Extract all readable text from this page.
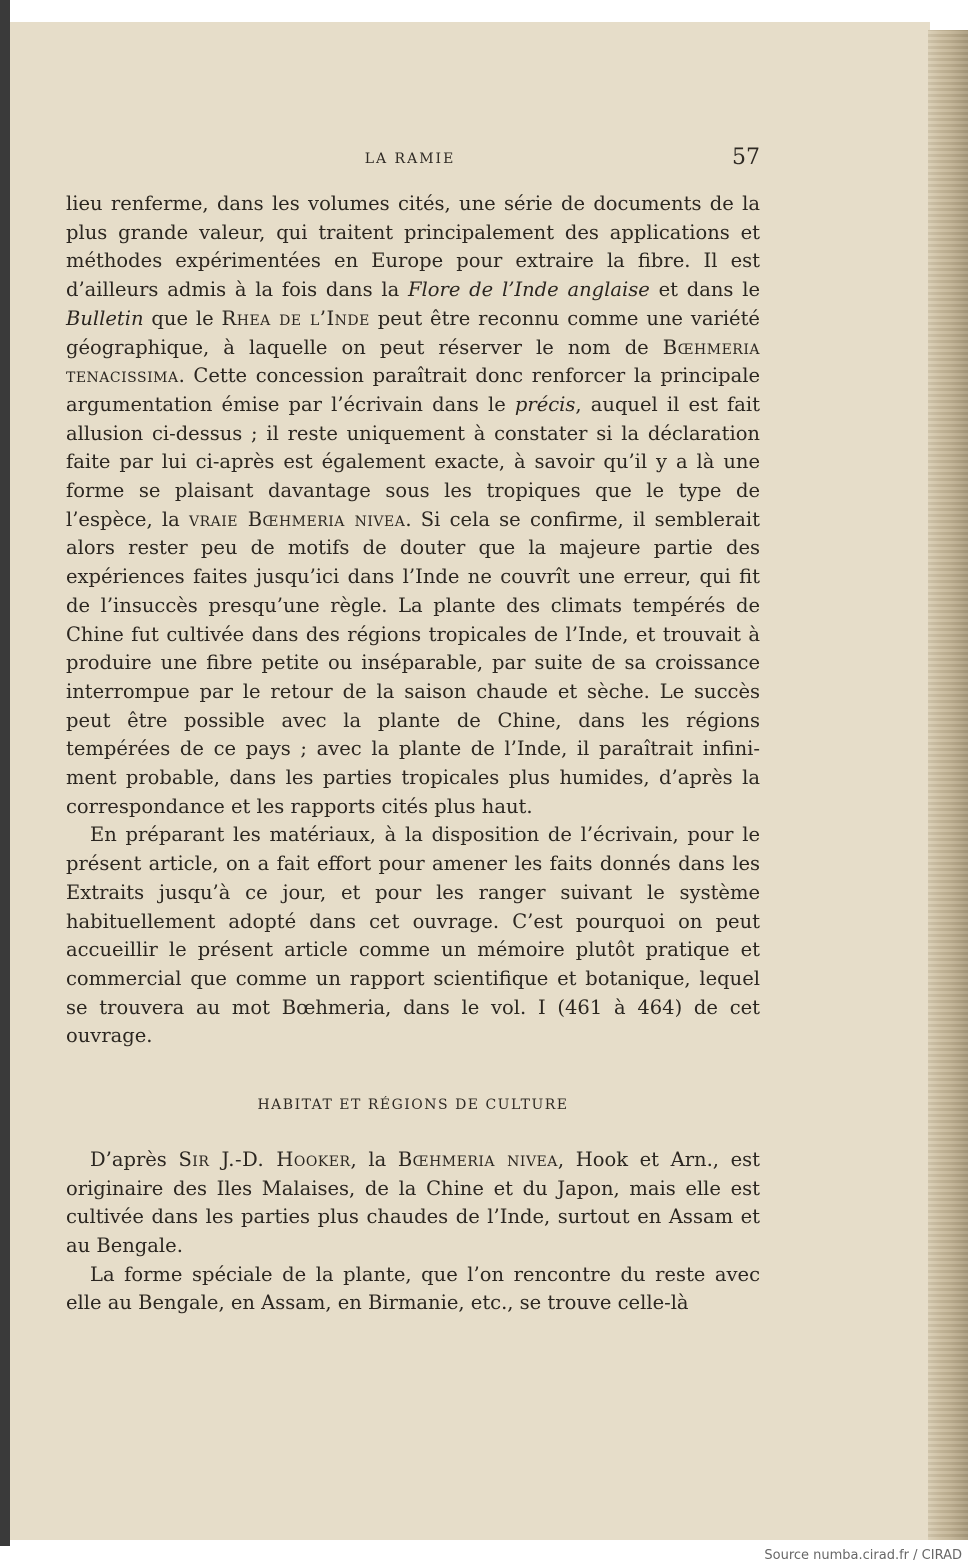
LA RAMIE	57

lieu renferme, dans les volumes cités, une série de documents de la plus grande valeur, qui traitent principalement des applications et méthodes expérimentées en Europe pour extraire la fibre. Il est d’ailleurs admis à la fois dans la Flore de l’Inde anglaise et dans le Bulletin que le Rhea de l’Inde peut être reconnu comme une variété géographique, à laquelle on peut réserver le nom de Bœhmeria tenacissima. Cette concession paraîtrait donc renforcer la principale argumentation émise par l’écrivain dans le précis, auquel il est fait allusion ci-dessus ; il reste uniquement à constater si la déclaration faite par lui ci-après est également exacte, à savoir qu’il y a là une forme se plaisant davantage sous les tropiques que le type de l’espèce, la vraie Bœhmeria nivea. Si cela se confirme, il semblerait alors rester peu de motifs de douter que la majeure partie des expériences faites jusqu’ici dans l’Inde ne couvrît une erreur, qui fit de l’insuccès presqu’une règle. La plante des climats tempérés de Chine fut cultivée dans des régions tropicales de l’Inde, et trouvait à produire une fibre petite ou inséparable, par suite de sa croissance interrompue par le retour de la saison chaude et sèche. Le succès peut être possible avec la plante de Chine, dans les régions tempérées de ce pays ; avec la plante de l’Inde, il paraîtrait infiniment probable, dans les parties tropicales plus humides, d’après la correspondance et les rapports cités plus haut.

En préparant les matériaux, à la disposition de l’écrivain, pour le présent article, on a fait effort pour amener les faits donnés dans les Extraits jusqu’à ce jour, et pour les ranger suivant le système habituellement adopté dans cet ouvrage. C’est pourquoi on peut accueillir le présent article comme un mémoire plutôt pratique et commercial que comme un rapport scientifique et botanique, lequel se trouvera au mot Bœhmeria, dans le vol. I (461 à 464) de cet ouvrage.

HABITAT ET RÉGIONS DE CULTURE

D’après Sir J.-D. Hooker, la Bœhmeria nivea, Hook et Arn., est originaire des Iles Malaises, de la Chine et du Japon, mais elle est cultivée dans les parties plus chaudes de l’Inde, surtout en Assam et au Bengale.

La forme spéciale de la plante, que l’on rencontre du reste avec elle au Bengale, en Assam, en Birmanie, etc., se trouve celle-là

Source numba.cirad.fr / CIRAD
